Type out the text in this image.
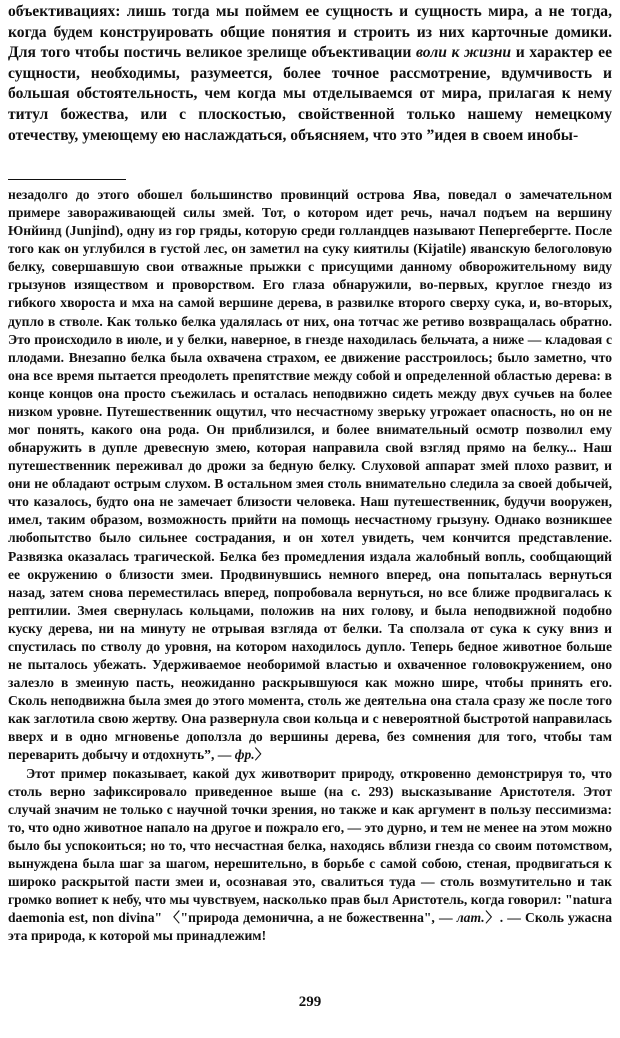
объективациях: лишь тогда мы поймем ее сущность и сущность мира, а не тогда, когда будем конструировать общие понятия и строить из них карточные домики. Для того чтобы постичь великое зрелище объективации воли к жизни и характер ее сущности, необходимы, разумеется, более точное рассмотрение, вдумчивость и большая обстоятельность, чем когда мы отделываемся от мира, прилагая к нему титул божества, или с плоскостью, свойственной только нашему немецкому отечеству, умеющему ею наслаждаться, объясняем, что это ”идея в своем инобы-

незадолго до этого обошел большинство провинций острова Ява, поведал о замечательном примере завораживающей силы змей. Тот, о котором идет речь, начал подъем на вершину Юнйинд (Junjind), одну из гор гряды, которую среди голландцев называют Пепергебергте. После того как он углубился в густой лес, он заметил на суку киятилы (Kijatile) яванскую белоголовую белку, совершавшую свои отважные прыжки с присущими данному обворожительному виду грызунов изяществом и проворством. Его глаза обнаружили, во-первых, круглое гнездо из гибкого хвороста и мха на самой вершине дерева, в развилке второго сверху сука, и, во-вторых, дупло в стволе. Как только белка удалялась от них, она тотчас же ретиво возвращалась обратно. Это происходило в июле, и у белки, наверное, в гнезде находилась бельчата, а ниже — кладовая с плодами. Внезапно белка была охвачена страхом, ее движение расстроилось; было заметно, что она все время пытается преодолеть препятствие между собой и определенной областью дерева: в конце концов она просто съежилась и осталась неподвижно сидеть между двух сучьев на более низком уровне. Путешественник ощутил, что несчастному зверьку угрожает опасность, но он не мог понять, какого она рода. Он приблизился, и более внимательный осмотр позволил ему обнаружить в дупле древесную змею, которая направила свой взгляд прямо на белку... Наш путешественник переживал до дрожи за бедную белку. Слуховой аппарат змей плохо развит, и они не обладают острым слухом. В остальном змея столь внимательно следила за своей добычей, что казалось, будто она не замечает близости человека. Наш путешественник, будучи вооружен, имел, таким образом, возможность прийти на помощь несчастному грызуну. Однако возникшее любопытство было сильнее сострадания, и он хотел увидеть, чем кончится представление. Развязка оказалась трагической. Белка без промедления издала жалобный вопль, сообщающий ее окружению о близости змеи. Продвинувшись немного вперед, она попыталась вернуться назад, затем снова переместилась вперед, попробовала вернуться, но все ближе продвигалась к рептилии. Змея свернулась кольцами, положив на них голову, и была неподвижной подобно куску дерева, ни на минуту не отрывая взгляда от белки. Та сползала от сука к суку вниз и спустилась по стволу до уровня, на котором находилось дупло. Теперь бедное животное больше не пыталось убежать. Удерживаемое необоримой властью и охваченное головокружением, оно залезло в змеиную пасть, неожиданно раскрывшуюся как можно шире, чтобы принять его. Сколь неподвижна была змея до этого момента, столь же деятельна она стала сразу же после того как заглотила свою жертву. Она развернула свои кольца и с невероятной быстротой направилась вверх и в одно мгновенье доползла до вершины дерева, без сомнения для того, чтобы там переварить добычу и отдохнуть”, — фр.〉

Этот пример показывает, какой дух животворит природу, откровенно демонстрируя то, что столь верно зафиксировало приведенное выше (на с. 293) высказывание Аристотеля. Этот случай значим не только с научной точки зрения, но также и как аргумент в пользу пессимизма: то, что одно животное напало на другое и пожрало его, — это дурно, и тем не менее на этом можно было бы успокоиться; но то, что несчастная белка, находясь вблизи гнезда со своим потомством, вынуждена была шаг за шагом, нерешительно, в борьбе с самой собою, стеная, продвигаться к широко раскрытой пасти змеи и, осознавая это, свалиться туда — столь возмутительно и так громко вопиет к небу, что мы чувствуем, насколько прав был Аристотель, когда говорил: "natura daemonia est, non divina" 〈"природа демонична, а не божественна", — лат.〉. — Сколь ужасна эта природа, к которой мы принадлежим!

299
